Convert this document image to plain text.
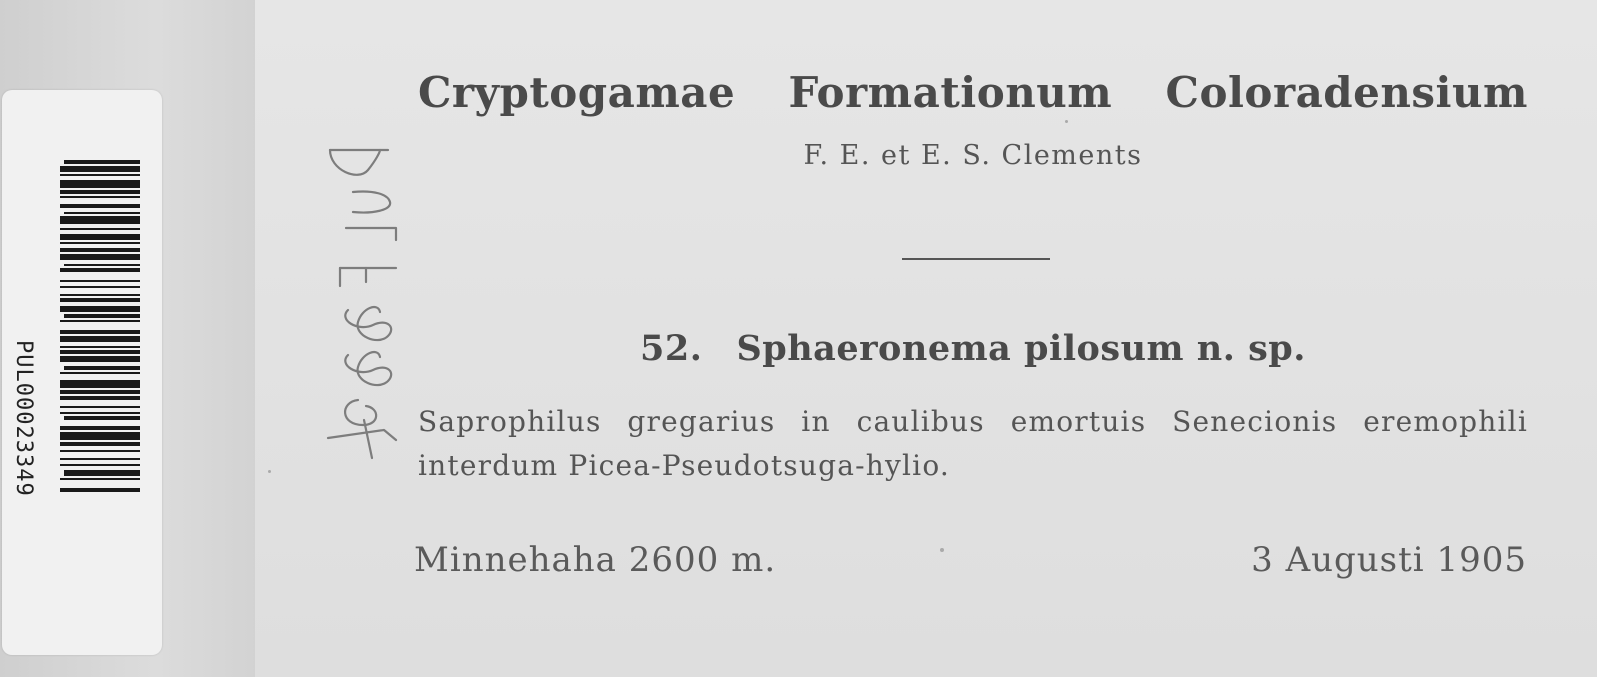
PUL00023349
Cryptogamae Formationum Coloradensium
F. E. et E. S. Clements
52. Sphaeronema pilosum n. sp.
Saprophilus gregarius in caulibus emortuis Senecionis eremophili interdum Picea-Pseudotsuga-hylio.
Minnehaha 2600 m.	3 Augusti 1905
